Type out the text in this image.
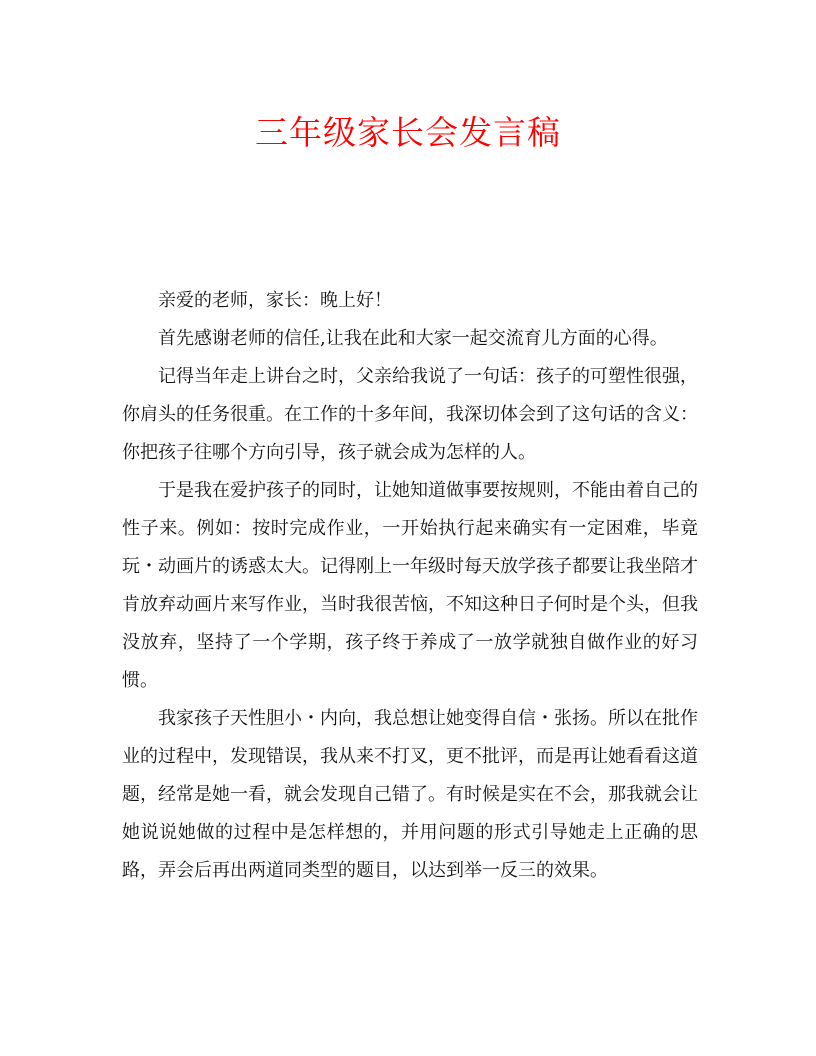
三年级家长会发言稿

亲爱的老师，家长：晚上好！

首先感谢老师的信任,让我在此和大家一起交流育儿方面的心得。

记得当年走上讲台之时，父亲给我说了一句话：孩子的可塑性很强，你肩头的任务很重。在工作的十多年间，我深切体会到了这句话的含义：你把孩子往哪个方向引导，孩子就会成为怎样的人。

于是我在爱护孩子的同时，让她知道做事要按规则，不能由着自己的性子来。例如：按时完成作业，一开始执行起来确实有一定困难，毕竟玩・动画片的诱惑太大。记得刚上一年级时每天放学孩子都要让我坐陪才肯放弃动画片来写作业，当时我很苦恼，不知这种日子何时是个头，但我没放弃，坚持了一个学期，孩子终于养成了一放学就独自做作业的好习惯。

我家孩子天性胆小・内向，我总想让她变得自信・张扬。所以在批作业的过程中，发现错误，我从来不打叉，更不批评，而是再让她看看这道题，经常是她一看，就会发现自己错了。有时候是实在不会，那我就会让她说说她做的过程中是怎样想的，并用问题的形式引导她走上正确的思路，弄会后再出两道同类型的题目，以达到举一反三的效果。
